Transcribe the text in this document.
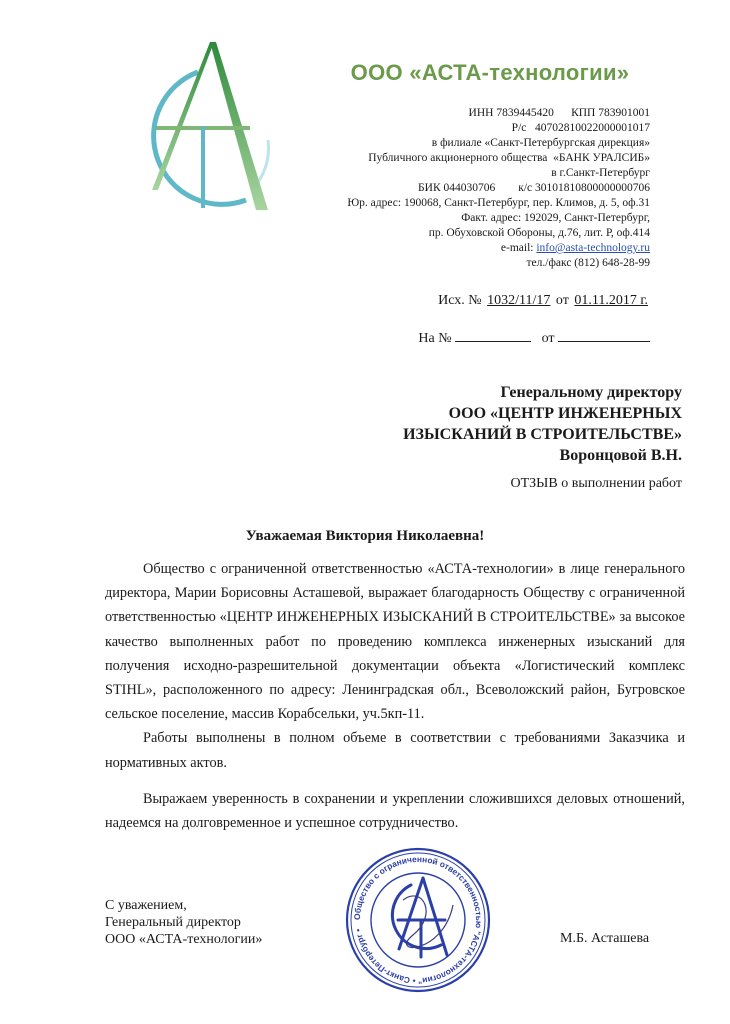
ООО «АСТА-технологии»
ИНН 7839445420      КПП 783901001
Р/с   40702810022000001017
в филиале «Санкт-Петербургская дирекция»
Публичного акционерного общества  «БАНК УРАЛСИБ»
в г.Санкт-Петербург
БИК 044030706        к/с 30101810800000000706
Юр. адрес: 190068, Санкт-Петербург, пер. Климов, д. 5, оф.31
Факт. адрес: 192029, Санкт-Петербург,
пр. Обуховской Обороны, д.76, лит. Р, оф.414
e-mail: info@asta-technology.ru
тел./факс (812) 648-28-99
Исх. № 1032/11/17 от 01.11.2017 г.
На №	от
Генеральному директору
ООО «ЦЕНТР ИНЖЕНЕРНЫХ
ИЗЫСКАНИЙ В СТРОИТЕЛЬСТВЕ»
Воронцовой В.Н.
ОТЗЫВ о выполнении работ
Уважаемая Виктория Николаевна!

Общество с ограниченной ответственностью «АСТА-технологии» в лице генерального директора, Марии Борисовны Асташевой, выражает благодарность Обществу с ограниченной ответственностью «ЦЕНТР ИНЖЕНЕРНЫХ ИЗЫСКАНИЙ В СТРОИТЕЛЬСТВЕ» за высокое качество выполненных работ по проведению комплекса инженерных изысканий для получения исходно-разрешительной документации объекта «Логистический комплекс STIHL», расположенного по адресу: Ленинградская обл., Всеволожский район, Бугровское сельское поселение, массив Корабсельки, уч.5кп-11.

Работы выполнены в полном объеме в соответствии с требованиями Заказчика и нормативных актов.

Выражаем уверенность в сохранении и укреплении сложившихся деловых отношений, надеемся на долговременное и успешное сотрудничество.

С уважением,
Генеральный директор
ООО «АСТА-технологии»	М.Б. Асташева
Общество с ограниченной ответственностью "АСТА-технологии" • Санкт-Петербург •
